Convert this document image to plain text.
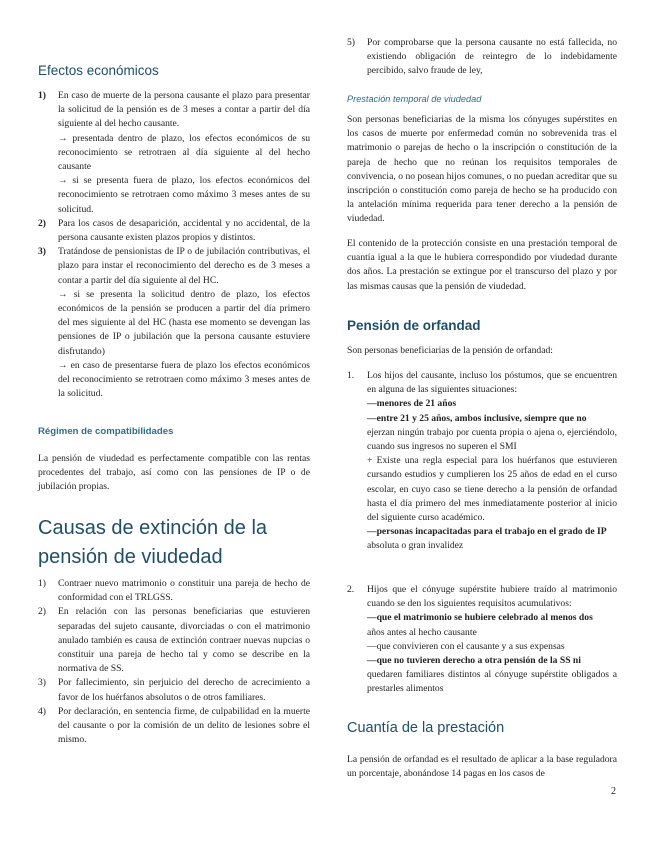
Efectos económicos
1) En caso de muerte de la persona causante el plazo para presentar la solicitud de la pensión es de 3 meses a contar a partir del día siguiente al del hecho causante.
→ presentada dentro de plazo, los efectos económicos de su reconocimiento se retrotraen al día siguiente al del hecho causante
→ si se presenta fuera de plazo, los efectos económicos del reconocimiento se retrotraen como máximo 3 meses antes de su solicitud.
2) Para los casos de desaparición, accidental y no accidental, de la persona causante existen plazos propios y distintos.
3) Tratándose de pensionistas de IP o de jubilación contributivas, el plazo para instar el reconocimiento del derecho es de 3 meses a contar a partir del día siguiente al del HC.
→ si se presenta la solicitud dentro de plazo, los efectos económicos de la pensión se producen a partir del día primero del mes siguiente al del HC (hasta ese momento se devengan las pensiones de IP o jubilación que la persona causante estuviere disfrutando)
→ en caso de presentarse fuera de plazo los efectos económicos del reconocimiento se retrotraen como máximo 3 meses antes de la solicitud.
Régimen de compatibilidades

La pensión de viudedad es perfectamente compatible con las rentas procedentes del trabajo, así como con las pensiones de IP o de jubilación propias.

Causas de extinción de la
pensión de viudedad
1) Contraer nuevo matrimonio o constituir una pareja de hecho de conformidad con el TRLGSS.
2) En relación con las personas beneficiarias que estuvieren separadas del sujeto causante, divorciadas o con el matrimonio anulado también es causa de extinción contraer nuevas nupcias o constituir una pareja de hecho tal y como se describe en la normativa de SS.
3) Por fallecimiento, sin perjuicio del derecho de acrecimiento a favor de los huérfanos absolutos o de otros familiares.
4) Por declaración, en sentencia firme, de culpabilidad en la muerte del causante o por la comisión de un delito de lesiones sobre el mismo.
5) Por comprobarse que la persona causante no está fallecida, no existiendo obligación de reintegro de lo indebidamente percibido, salvo fraude de ley,
Prestación temporal de viudedad

Son personas beneficiarias de la misma los cónyuges supérstites en los casos de muerte por enfermedad común no sobrevenida tras el matrimonio o parejas de hecho o la inscripción o constitución de la pareja de hecho que no reúnan los requisitos temporales de convivencia, o no posean hijos comunes, o no puedan acreditar que su inscripción o constitución como pareja de hecho se ha producido con la antelación mínima requerida para tener derecho a la pensión de viudedad.

El contenido de la protección consiste en una prestación temporal de cuantía igual a la que le hubiera correspondido por viudedad durante dos años. La prestación se extingue por el transcurso del plazo y por las mismas causas que la pensión de viudedad.

Pensión de orfandad

Son personas beneficiarias de la pensión de orfandad:

1. Los hijos del causante, incluso los póstumos, que se encuentren en alguna de las siguientes situaciones:
—menores de 21 años
—entre 21 y 25 años, ambos inclusive, siempre que no
ejerzan ningún trabajo por cuenta propia o ajena o, ejerciéndolo, cuando sus ingresos no superen el SMI
+ Existe una regla especial para los huérfanos que estuvieren cursando estudios y cumplieren los 25 años de edad en el curso escolar, en cuyo caso se tiene derecho a la pensión de orfandad hasta el día primero del mes inmediatamente posterior al inicio del siguiente curso académico.
—personas incapacitadas para el trabajo en el grado de IP
absoluta o gran invalidez
2. Hijos que el cónyuge supérstite hubiere traído al matrimonio cuando se den los siguientes requisitos acumulativos:
—que el matrimonio se hubiere celebrado al menos dos
años antes al hecho causante
—que convivieren con el causante y a sus expensas
—que no tuvieren derecho a otra pensión de la SS ni
quedaren familiares distintos al cónyuge supérstite obligados a prestarles alimentos
Cuantía de la prestación

La pensión de orfandad es el resultado de aplicar a la base reguladora un porcentaje, abonándose 14 pagas en los casos de

2
